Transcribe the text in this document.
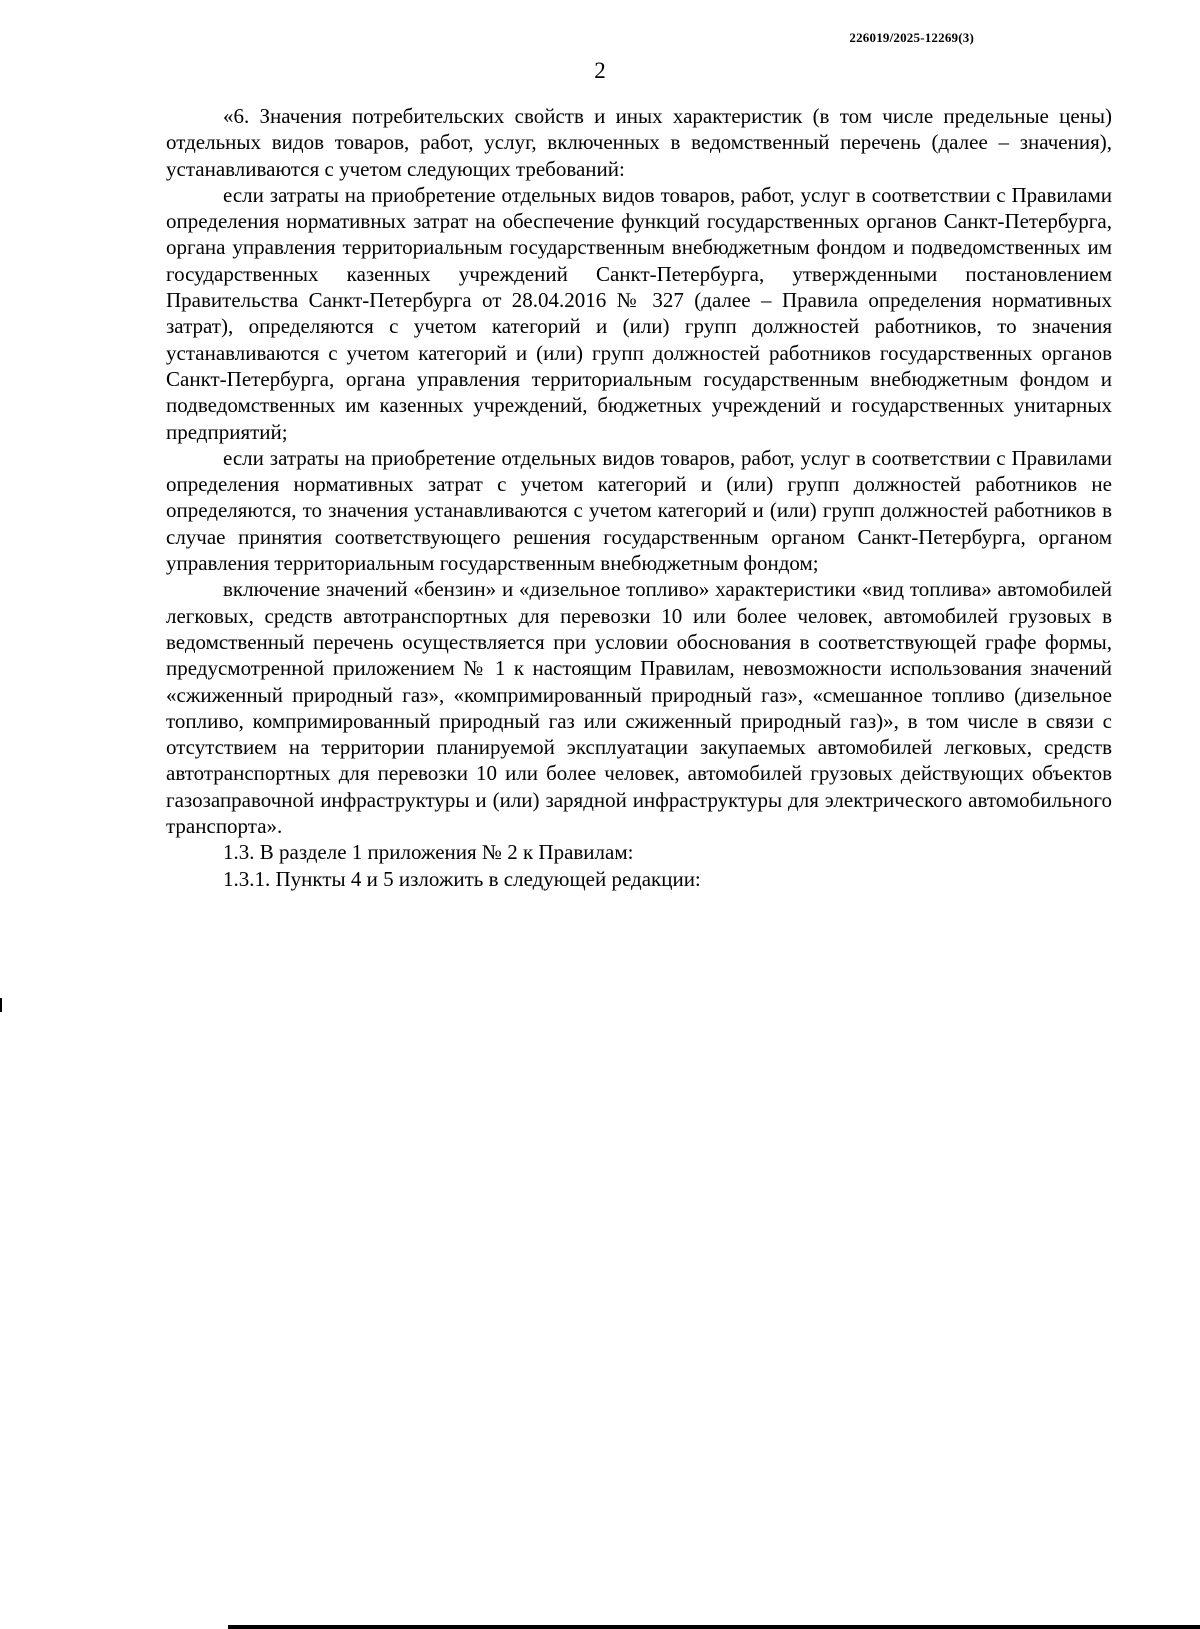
226019/2025-12269(3)
2

«6. Значения потребительских свойств и иных характеристик (в том числе предельные цены) отдельных видов товаров, работ, услуг, включенных в ведомственный перечень (далее – значения), устанавливаются с учетом следующих требований:

если затраты на приобретение отдельных видов товаров, работ, услуг в соответствии с Правилами определения нормативных затрат на обеспечение функций государственных органов Санкт-Петербурга, органа управления территориальным государственным внебюджетным фондом и подведомственных им государственных казенных учреждений Санкт-Петербурга, утвержденными постановлением Правительства Санкт-Петербурга от 28.04.2016 № 327 (далее – Правила определения нормативных затрат), определяются с учетом категорий и (или) групп должностей работников, то значения устанавливаются с учетом категорий и (или) групп должностей работников государственных органов Санкт-Петербурга, органа управления территориальным государственным внебюджетным фондом и подведомственных им казенных учреждений, бюджетных учреждений и государственных унитарных предприятий;

если затраты на приобретение отдельных видов товаров, работ, услуг в соответствии с Правилами определения нормативных затрат с учетом категорий и (или) групп должностей работников не определяются, то значения устанавливаются с учетом категорий и (или) групп должностей работников в случае принятия соответствующего решения государственным органом Санкт-Петербурга, органом управления территориальным государственным внебюджетным фондом;

включение значений «бензин» и «дизельное топливо» характеристики «вид топлива» автомобилей легковых, средств автотранспортных для перевозки 10 или более человек, автомобилей грузовых в ведомственный перечень осуществляется при условии обоснования в соответствующей графе формы, предусмотренной приложением № 1 к настоящим Правилам, невозможности использования значений «сжиженный природный газ», «компримированный природный газ», «смешанное топливо (дизельное топливо, компримированный природный газ или сжиженный природный газ)», в том числе в связи с отсутствием на территории планируемой эксплуатации закупаемых автомобилей легковых, средств автотранспортных для перевозки 10 или более человек, автомобилей грузовых действующих объектов газозаправочной инфраструктуры и (или) зарядной инфраструктуры для электрического автомобильного транспорта».

1.3. В разделе 1 приложения № 2 к Правилам:

1.3.1. Пункты 4 и 5 изложить в следующей редакции:
